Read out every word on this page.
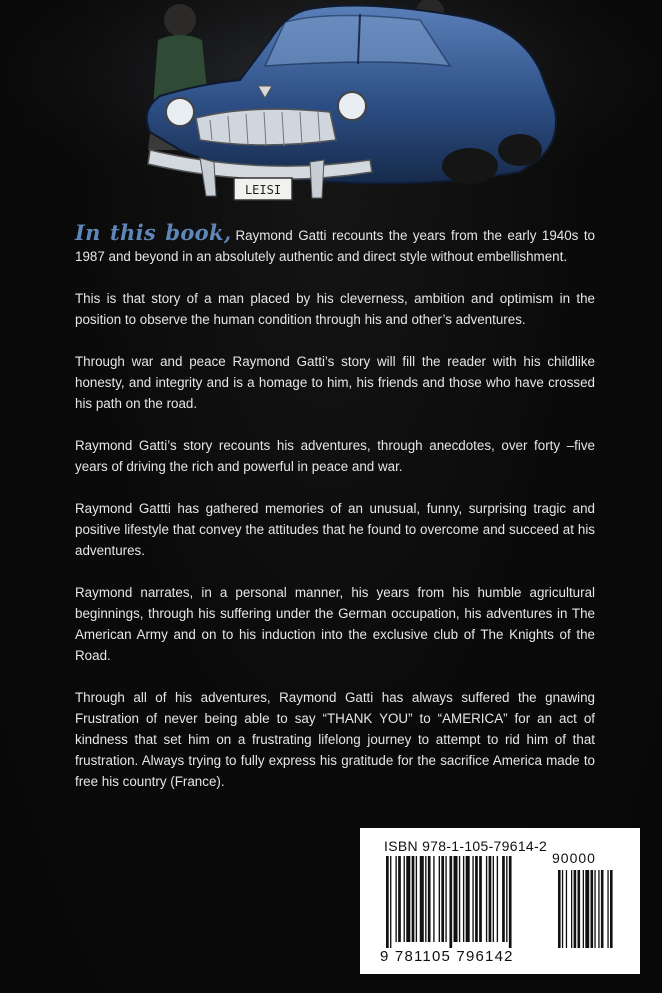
LEISI

In this book, Raymond Gatti recounts the years from the early 1940s to 1987 and beyond in an absolutely authentic and direct style without embellishment.

This is that story of a man placed by his cleverness, ambition and optimism in the position to observe the human condition through his and other’s adventures.

Through war and peace Raymond Gatti’s story will fill the reader with his childlike honesty, and integrity and is a homage to him, his friends and those who have crossed his path on the road.

Raymond Gatti’s story recounts his adventures, through anecdotes, over forty –five years of driving the rich and powerful in peace and war.

Raymond Gattti has gathered memories of an unusual, funny, surprising tragic and positive lifestyle that convey the attitudes that he found to overcome and succeed at his adventures.

Raymond narrates, in a personal manner, his years from his humble agricultural beginnings, through his suffering under the German occupation, his adventures in The American Army and on to his induction into the exclusive club of The Knights of the Road.

Through all of his adventures, Raymond Gatti has always suffered the gnawing Frustration of never being able to say “THANK YOU” to “AMERICA” for an act of kindness that set him on a frustrating lifelong journey to attempt to rid him of that frustration. Always trying to fully express his gratitude for the sacrifice America made to free his country (France).

ISBN 978-1-105-79614-2
90000
9 781105 796142
